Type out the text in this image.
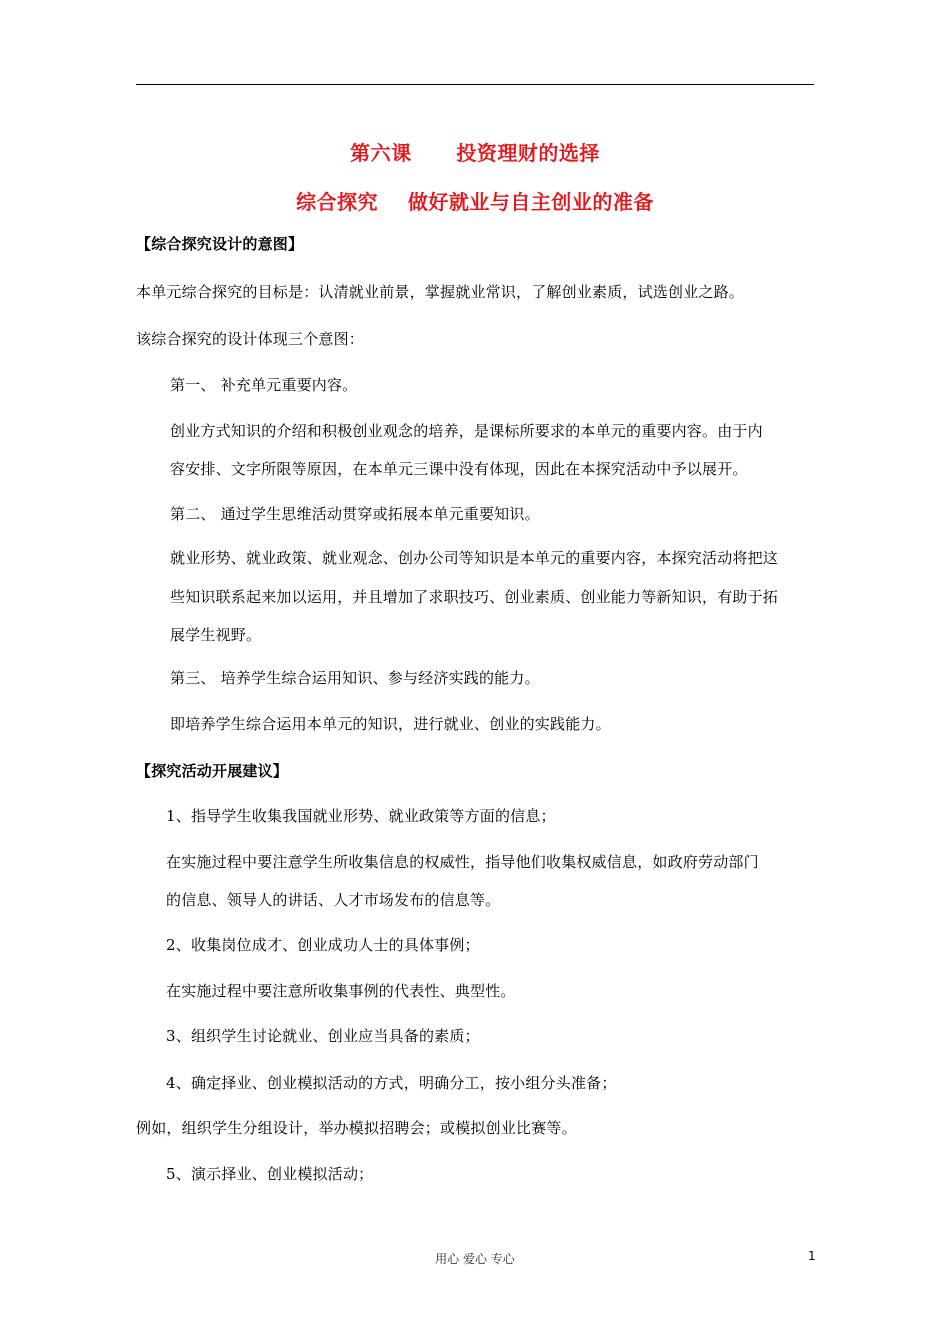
第六课      投资理财的选择
综合探究    做好就业与自主创业的准备
【综合探究设计的意图】
本单元综合探究的目标是：认清就业前景，掌握就业常识，了解创业素质，试选创业之路。
该综合探究的设计体现三个意图：
第一、 补充单元重要内容。
创业方式知识的介绍和积极创业观念的培养，是课标所要求的本单元的重要内容。由于内
容安排、文字所限等原因，在本单元三课中没有体现，因此在本探究活动中予以展开。
第二、 通过学生思维活动贯穿或拓展本单元重要知识。
就业形势、就业政策、就业观念、创办公司等知识是本单元的重要内容，本探究活动将把这
些知识联系起来加以运用，并且增加了求职技巧、创业素质、创业能力等新知识，有助于拓
展学生视野。
第三、 培养学生综合运用知识、参与经济实践的能力。
即培养学生综合运用本单元的知识，进行就业、创业的实践能力。
【探究活动开展建议】
1、指导学生收集我国就业形势、就业政策等方面的信息；
在实施过程中要注意学生所收集信息的权威性，指导他们收集权威信息，如政府劳动部门
的信息、领导人的讲话、人才市场发布的信息等。
2、收集岗位成才、创业成功人士的具体事例；
在实施过程中要注意所收集事例的代表性、典型性。
3、组织学生讨论就业、创业应当具备的素质；
4、确定择业、创业模拟活动的方式，明确分工，按小组分头准备；
例如，组织学生分组设计，举办模拟招聘会；或模拟创业比赛等。
5、演示择业、创业模拟活动；
用心 爱心 专心	1
